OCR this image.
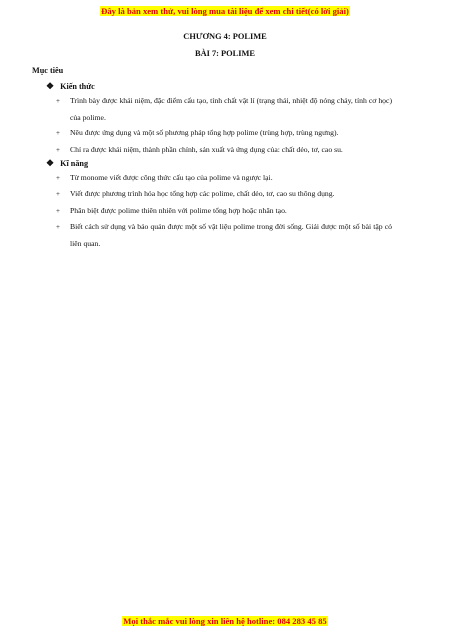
Đây là bản xem thử, vui lòng mua tài liệu để xem chi tiết(có lời giải)
CHƯƠNG 4: POLIME
BÀI 7: POLIME
Mục tiêu
❖ Kiến thức
+	Trình bày được khái niệm, đặc điểm cấu tạo, tính chất vật lí (trạng thái, nhiệt độ nóng chảy, tính cơ học) của polime.
+	Nêu được ứng dụng và một số phương pháp tổng hợp polime (trùng hợp, trùng ngưng).
+	Chỉ ra được khái niệm, thành phần chính, sản xuất và ứng dụng của: chất dẻo, tơ, cao su.
❖ Kĩ năng
+	Từ monome viết được công thức cấu tạo của polime và ngược lại.
+	Viết được phương trình hóa học tổng hợp các polime, chất dẻo, tơ, cao su thông dụng.
+	Phân biệt được polime thiên nhiên với polime tổng hợp hoặc nhân tạo.
+	Biết cách sử dụng và bảo quản được một số vật liệu polime trong đời sống. Giải được một số bài tập có liên quan.
Mọi thắc mắc vui lòng xin liên hệ hotline: 084 283 45 85
